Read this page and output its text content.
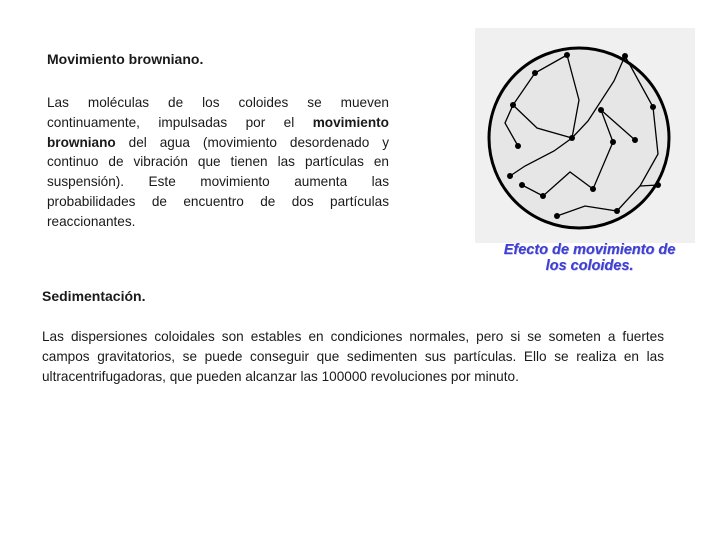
Movimiento browniano.

Las moléculas de los coloides se mueven continuamente, impulsadas por el movimiento browniano del agua (movimiento desordenado y continuo de vibración que tienen las partículas en suspensión). Este movimiento aumenta las probabilidades de encuentro de dos partículas reaccionantes.

Efecto de movimiento de
los coloides.
Sedimentación.

Las dispersiones coloidales son estables en condiciones normales, pero si se someten a fuertes campos gravitatorios, se puede conseguir que sedimenten sus partículas. Ello se realiza en las ultracentrifugadoras, que pueden alcanzar las 100000 revoluciones por minuto.
